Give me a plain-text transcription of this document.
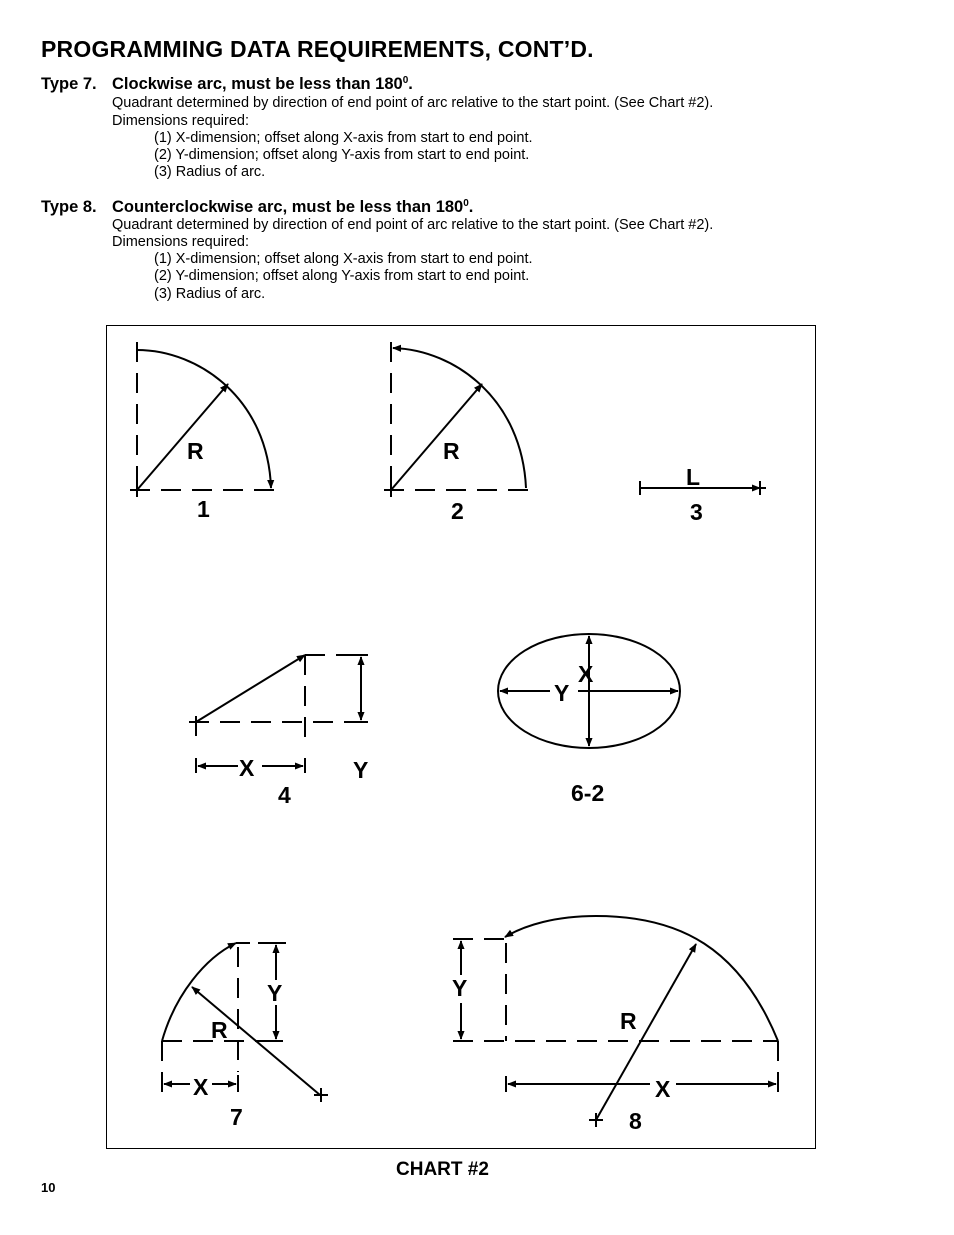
PROGRAMMING DATA REQUIREMENTS, CONT’D.
Type 7. Clockwise arc, must be less than $180^0$.
Quadrant determined by direction of end point of arc relative to the start point. (See Chart #2).
Dimensions required:
(1) X-dimension; offset along X-axis from start to end point.
(2) Y-dimension; offset along Y-axis from start to end point.
(3) Radius of arc.
Type 8. Counterclockwise arc, must be less than $180^0$.
Quadrant determined by direction of end point of arc relative to the start point. (See Chart #2).
Dimensions required:
(1) X-dimension; offset along X-axis from start to end point.
(2) Y-dimension; offset along Y-axis from start to end point.
(3) Radius of arc.
R
1
R
2
L
3
X	Y
4
X
Y
6-2
Y
R
X
7
Y
R
X
8
CHART #2
10
